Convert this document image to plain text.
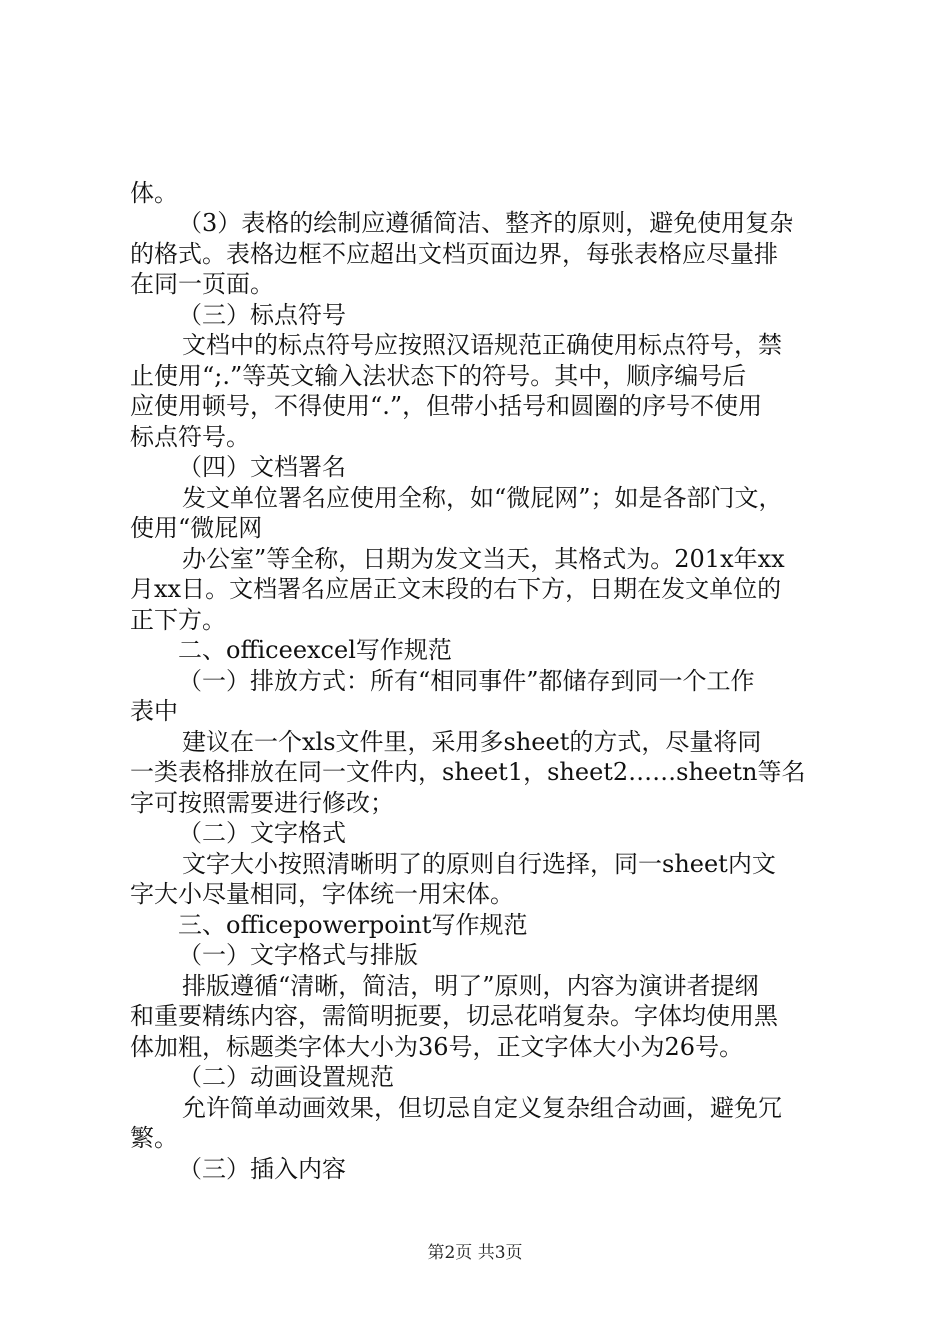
体。
（3）表格的绘制应遵循简洁、整齐的原则，避免使用复杂
的格式。表格边框不应超出文档页面边界，每张表格应尽量排
在同一页面。
（三）标点符号
文档中的标点符号应按照汉语规范正确使用标点符号，禁
止使用“;.”等英文输入法状态下的符号。其中，顺序编号后
应使用顿号，不得使用“.”，但带小括号和圆圈的序号不使用
标点符号。
（四）文档署名
发文单位署名应使用全称，如“微屁网”；如是各部门文，
使用“微屁网
办公室”等全称，日期为发文当天，其格式为。201x年xx
月xx日。文档署名应居正文末段的右下方，日期在发文单位的
正下方。
二、officeexcel写作规范
（一）排放方式：所有“相同事件”都储存到同一个工作
表中
建议在一个xls文件里，采用多sheet的方式，尽量将同
一类表格排放在同一文件内，sheet1，sheet2……sheetn等名
字可按照需要进行修改；
（二）文字格式
文字大小按照清晰明了的原则自行选择，同一sheet内文
字大小尽量相同，字体统一用宋体。
三、officepowerpoint写作规范
（一）文字格式与排版
排版遵循“清晰，简洁，明了”原则，内容为演讲者提纲
和重要精练内容，需简明扼要，切忌花哨复杂。字体均使用黑
体加粗，标题类字体大小为36号，正文字体大小为26号。
（二）动画设置规范
允许简单动画效果，但切忌自定义复杂组合动画，避免冗
繁。
（三）插入内容
第2页 共3页
